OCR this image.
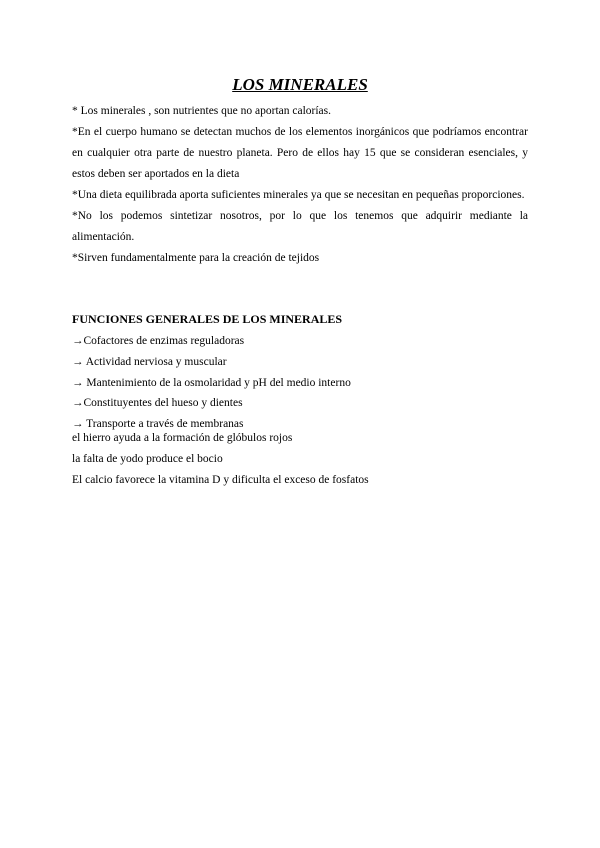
LOS MINERALES

* Los minerales , son nutrientes que no aportan calorías.

*En el cuerpo humano se detectan muchos de los elementos inorgánicos que podríamos encontrar en cualquier otra parte de nuestro planeta. Pero de ellos hay 15 que se consideran esenciales, y estos deben ser aportados en la dieta

*Una dieta equilibrada aporta suficientes minerales ya que se necesitan en pequeñas proporciones.

*No los podemos sintetizar nosotros, por lo que los tenemos que adquirir mediante la alimentación.

*Sirven fundamentalmente para la creación de tejidos

FUNCIONES GENERALES DE LOS MINERALES
→Cofactores de enzimas reguladoras
→ Actividad nerviosa y muscular
→ Mantenimiento de la osmolaridad y pH del medio interno
→Constituyentes del hueso y dientes
→ Transporte a través de membranas

el hierro ayuda a la formación de glóbulos rojos

la falta de yodo produce el bocio

El calcio favorece la vitamina D y dificulta el exceso de fosfatos
